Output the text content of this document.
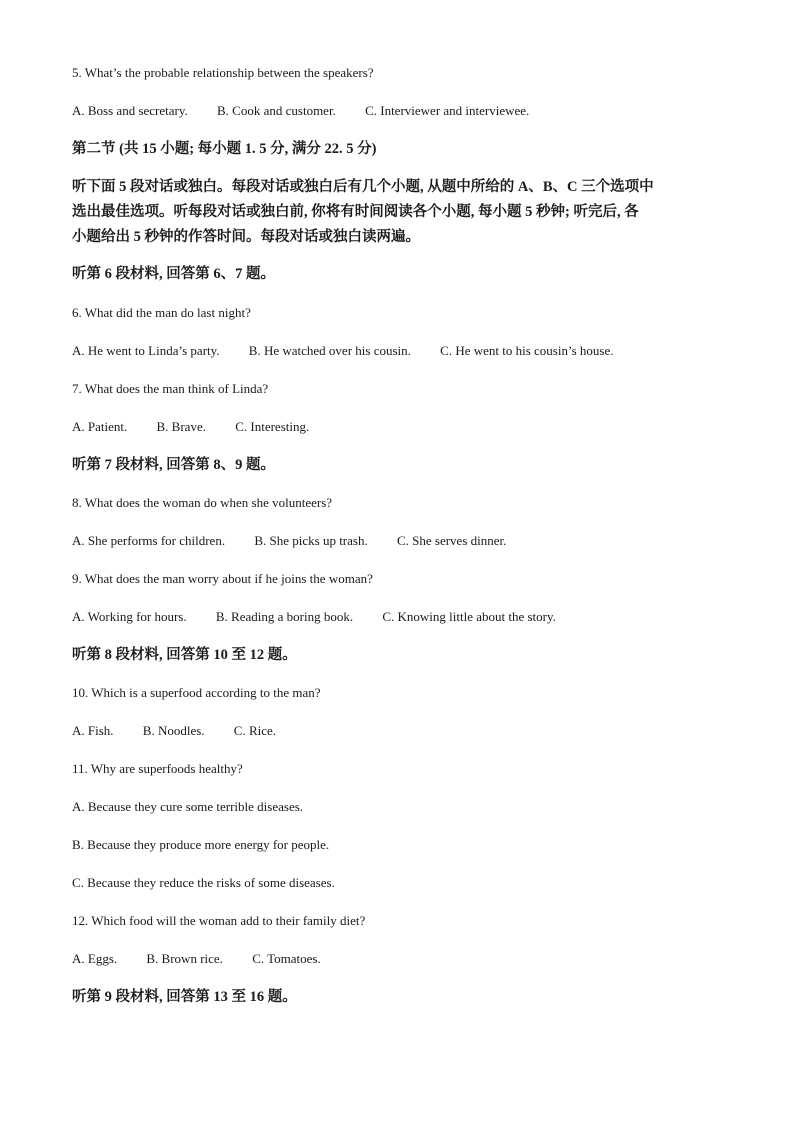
5. What’s the probable relationship between the speakers?
A. Boss and secretary. B. Cook and customer. C. Interviewer and interviewee.
第二节 (共 15 小题; 每小题 1. 5 分, 满分 22. 5 分)
听下面 5 段对话或独白。每段对话或独白后有几个小题, 从题中所给的 A、B、C 三个选项中
选出最佳选项。听每段对话或独白前, 你将有时间阅读各个小题, 每小题 5 秒钟; 听完后, 各
小题给出 5 秒钟的作答时间。每段对话或独白读两遍。
听第 6 段材料, 回答第 6、7 题。
6. What did the man do last night?
A. He went to Linda’s party. B. He watched over his cousin. C. He went to his cousin’s house.
7. What does the man think of Linda?
A. Patient. B. Brave. C. Interesting.
听第 7 段材料, 回答第 8、9 题。
8. What does the woman do when she volunteers?
A. She performs for children. B. She picks up trash. C. She serves dinner.
9. What does the man worry about if he joins the woman?
A. Working for hours. B. Reading a boring book. C. Knowing little about the story.
听第 8 段材料, 回答第 10 至 12 题。
10. Which is a superfood according to the man?
A. Fish. B. Noodles. C. Rice.
11. Why are superfoods healthy?
A. Because they cure some terrible diseases.
B. Because they produce more energy for people.
C. Because they reduce the risks of some diseases.
12. Which food will the woman add to their family diet?
A. Eggs. B. Brown rice. C. Tomatoes.
听第 9 段材料, 回答第 13 至 16 题。
